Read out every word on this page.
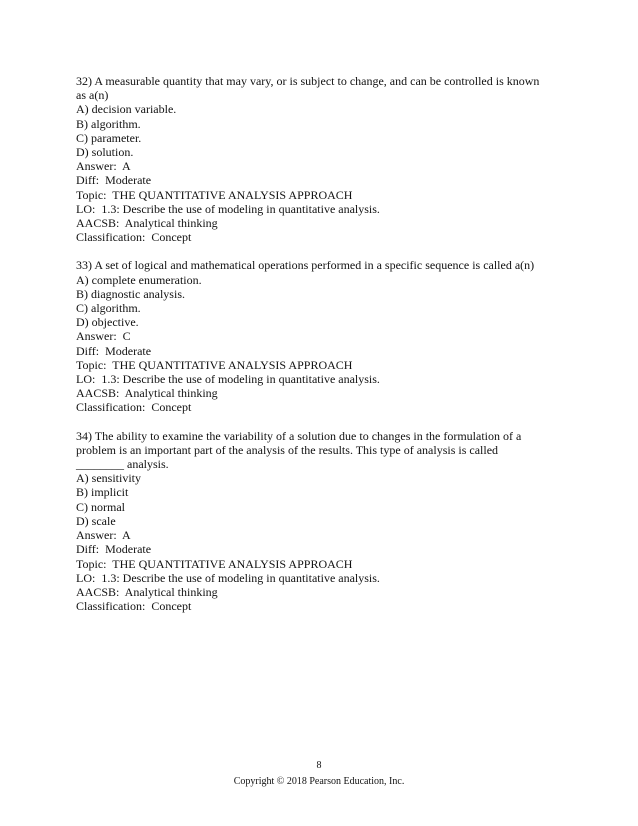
32) A measurable quantity that may vary, or is subject to change, and can be controlled is known
as a(n)
A) decision variable.
B) algorithm.
C) parameter.
D) solution.
Answer:  A
Diff:  Moderate
Topic:  THE QUANTITATIVE ANALYSIS APPROACH
LO:  1.3: Describe the use of modeling in quantitative analysis.
AACSB:  Analytical thinking
Classification:  Concept
33) A set of logical and mathematical operations performed in a specific sequence is called a(n)
A) complete enumeration.
B) diagnostic analysis.
C) algorithm.
D) objective.
Answer:  C
Diff:  Moderate
Topic:  THE QUANTITATIVE ANALYSIS APPROACH
LO:  1.3: Describe the use of modeling in quantitative analysis.
AACSB:  Analytical thinking
Classification:  Concept
34) The ability to examine the variability of a solution due to changes in the formulation of a
problem is an important part of the analysis of the results. This type of analysis is called
________ analysis.
A) sensitivity
B) implicit
C) normal
D) scale
Answer:  A
Diff:  Moderate
Topic:  THE QUANTITATIVE ANALYSIS APPROACH
LO:  1.3: Describe the use of modeling in quantitative analysis.
AACSB:  Analytical thinking
Classification:  Concept
8
Copyright © 2018 Pearson Education, Inc.
